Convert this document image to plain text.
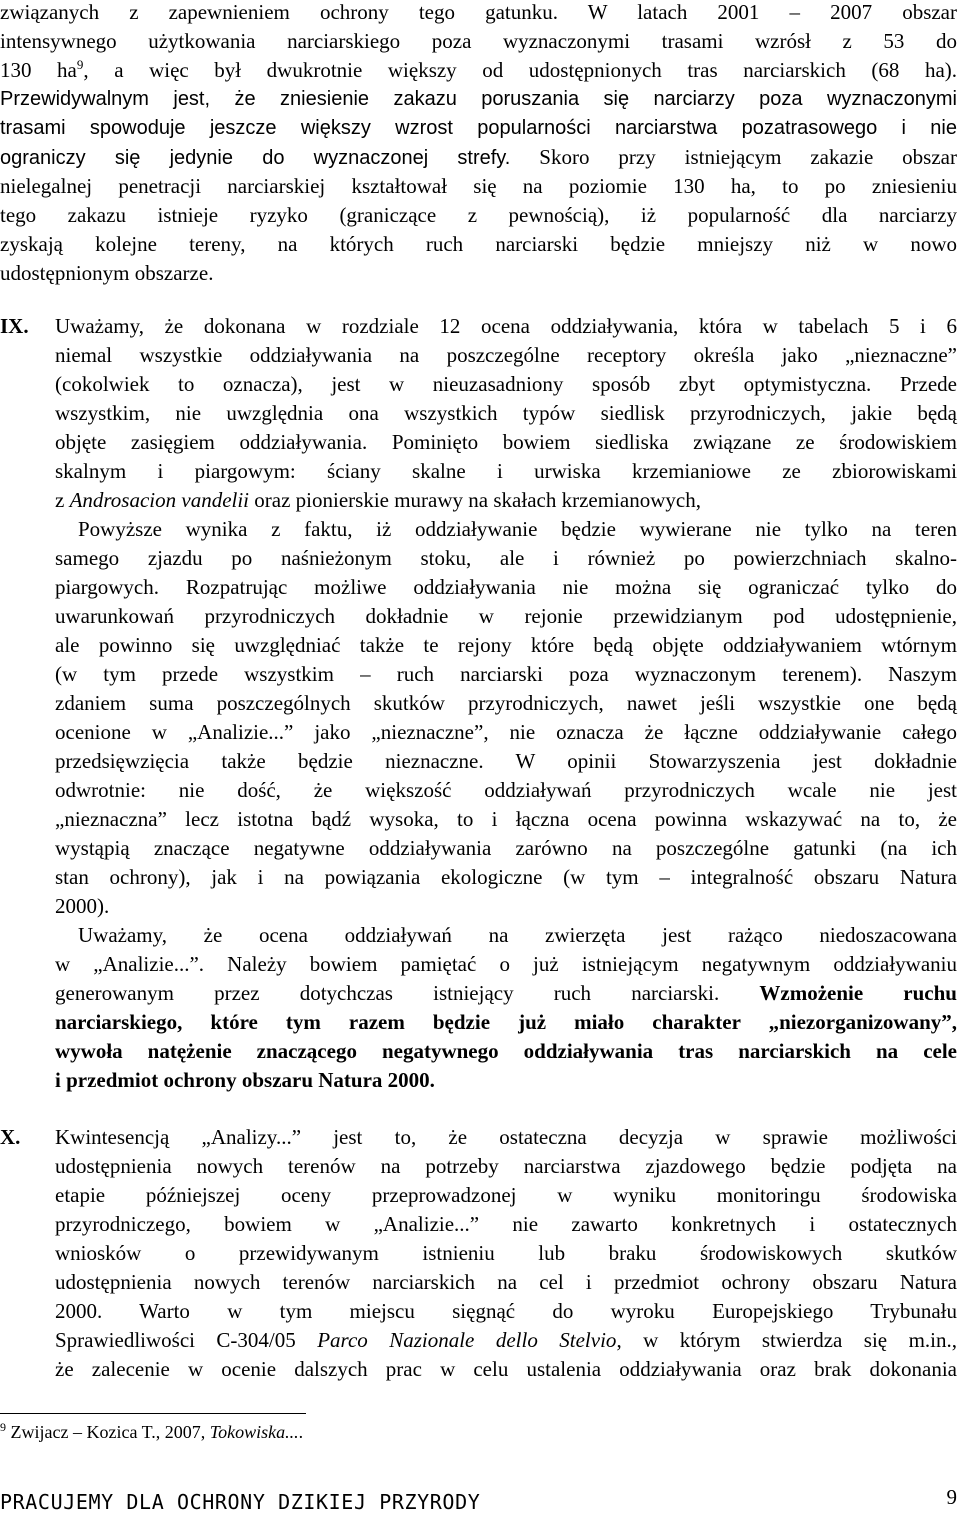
związanych z zapewnieniem ochrony tego gatunku. W latach 2001 – 2007 obszar
intensywnego użytkowania narciarskiego poza wyznaczonymi trasami wzrósł z 53 do
130 $ha^9$, a więc był dwukrotnie większy od udostępnionych tras narciarskich (68 ha).
Przewidywalnym jest, że zniesienie zakazu poruszania się narciarzy poza wyznaczonymi
trasami spowoduje jeszcze większy wzrost popularności narciarstwa pozatrasowego i nie
ograniczy się jedynie do wyznaczonej strefy. Skoro przy istniejącym zakazie obszar
nielegalnej penetracji narciarskiej kształtował się na poziomie 130 ha, to po zniesieniu
tego zakazu istnieje ryzyko (graniczące z pewnością), iż popularność dla narciarzy
zyskają kolejne tereny, na których ruch narciarski będzie mniejszy niż w nowo
udostępnionym obszarze.
IX. Uważamy, że dokonana w rozdziale 12 ocena oddziaływania, która w tabelach 5 i 6
niemal wszystkie oddziaływania na poszczególne receptory określa jako „nieznaczne”
(cokolwiek to oznacza), jest w nieuzasadniony sposób zbyt optymistyczna. Przede
wszystkim, nie uwzględnia ona wszystkich typów siedlisk przyrodniczych, jakie będą
objęte zasięgiem oddziaływania. Pominięto bowiem siedliska związane ze środowiskiem
skalnym i piargowym: ściany skalne i urwiska krzemianiowe ze zbiorowiskami
z Androsacion vandelii oraz pionierskie murawy na skałach krzemianowych,
Powyższe wynika z faktu, iż oddziaływanie będzie wywierane nie tylko na teren
samego zjazdu po naśnieżonym stoku, ale i również po powierzchniach skalno-
piargowych. Rozpatrując możliwe oddziaływania nie można się ograniczać tylko do
uwarunkowań przyrodniczych dokładnie w rejonie przewidzianym pod udostępnienie,
ale powinno się uwzględniać także te rejony które będą objęte oddziaływaniem wtórnym
(w tym przede wszystkim – ruch narciarski poza wyznaczonym terenem). Naszym
zdaniem suma poszczególnych skutków przyrodniczych, nawet jeśli wszystkie one będą
ocenione w „Analizie...” jako „nieznaczne”, nie oznacza że łączne oddziaływanie całego
przedsięwzięcia także będzie nieznaczne. W opinii Stowarzyszenia jest dokładnie
odwrotnie: nie dość, że większość oddziaływań przyrodniczych wcale nie jest
„nieznaczna” lecz istotna bądź wysoka, to i łączna ocena powinna wskazywać na to, że
wystąpią znaczące negatywne oddziaływania zarówno na poszczególne gatunki (na ich
stan ochrony), jak i na powiązania ekologiczne (w tym – integralność obszaru Natura
2000).
Uważamy, że ocena oddziaływań na zwierzęta jest rażąco niedoszacowana
w „Analizie...”. Należy bowiem pamiętać o już istniejącym negatywnym oddziaływaniu
generowanym przez dotychczas istniejący ruch narciarski. Wzmożenie ruchu
narciarskiego, które tym razem będzie już miało charakter „niezorganizowany”,
wywoła natężenie znaczącego negatywnego oddziaływania tras narciarskich na cele
i przedmiot ochrony obszaru Natura 2000.
X. Kwintesencją „Analizy...” jest to, że ostateczna decyzja w sprawie możliwości
udostępnienia nowych terenów na potrzeby narciarstwa zjazdowego będzie podjęta na
etapie późniejszej oceny przeprowadzonej w wyniku monitoringu środowiska
przyrodniczego, bowiem w „Analizie...” nie zawarto konkretnych i ostatecznych
wniosków o przewidywanym istnieniu lub braku środowiskowych skutków
udostępnienia nowych terenów narciarskich na cel i przedmiot ochrony obszaru Natura
2000. Warto w tym miejscu sięgnąć do wyroku Europejskiego Trybunału
Sprawiedliwości C-304/05 Parco Nazionale dello Stelvio, w którym stwierdza się m.in.,
że zalecenie w ocenie dalszych prac w celu ustalenia oddziaływania oraz brak dokonania
$^9$ Zwijacz – Kozica T., 2007, Tokowiska....
PRACUJEMY DLA OCHRONY DZIKIEJ PRZYRODY	9
